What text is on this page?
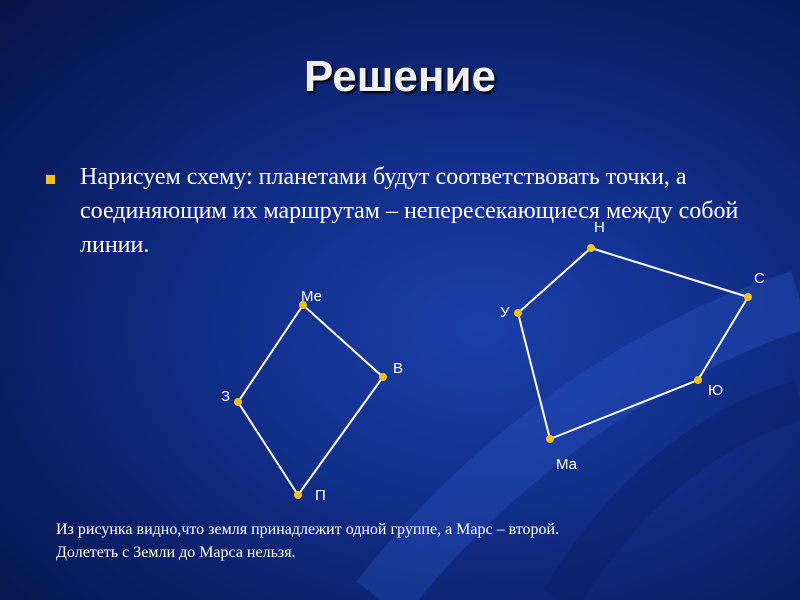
Решение
Нарисуем схему: планетами будут соответствовать точки, а соединяющим их маршрутам – непересекающиеся между собой линии.
Ме
В
П
З
Н
С
Ю
Ма
У
Из рисунка видно,что земля принадлежит одной группе, а Марс – второй.
Долететь с Земли до Марса нельзя.
